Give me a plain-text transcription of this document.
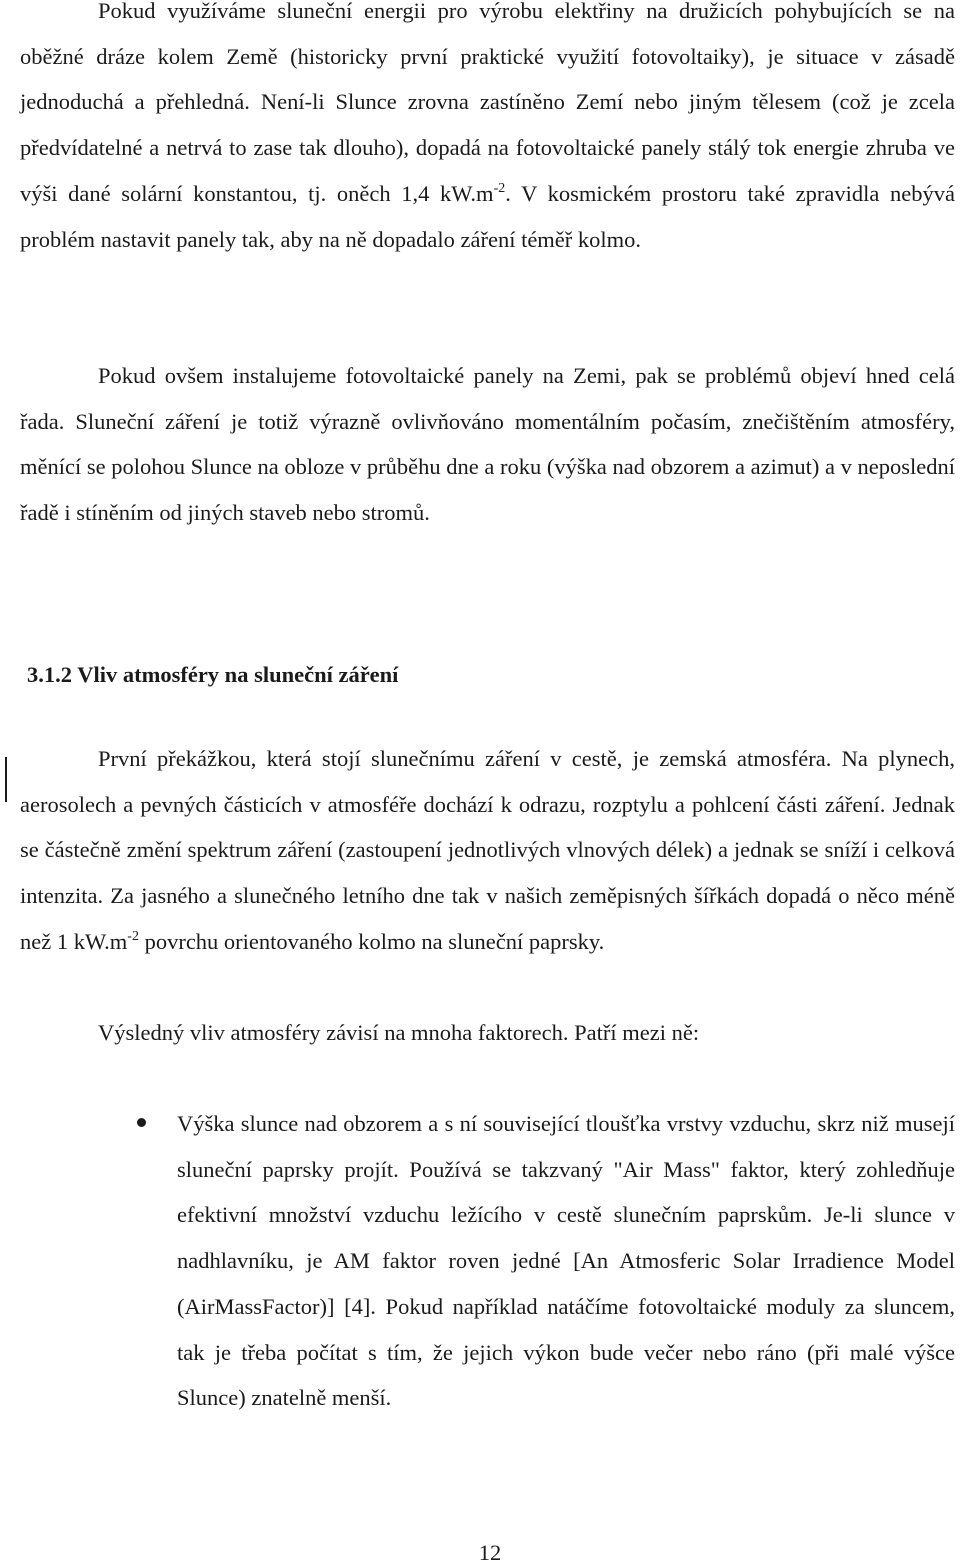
Pokud využíváme sluneční energii pro výrobu elektřiny na družicích pohybujících se na oběžné dráze kolem Země (historicky první praktické využití fotovoltaiky), je situace v zásadě jednoduchá a přehledná. Není-li Slunce zrovna zastíněno Zemí nebo jiným tělesem (což je zcela předvídatelné a netrvá to zase tak dlouho), dopadá na fotovoltaické panely stálý tok energie zhruba ve výši dané solární konstantou, tj. oněch 1,4 $kW.m^{-2}$. V kosmickém prostoru také zpravidla nebývá problém nastavit panely tak, aby na ně dopadalo záření téměř kolmo.

Pokud ovšem instalujeme fotovoltaické panely na Zemi, pak se problémů objeví hned celá řada. Sluneční záření je totiž výrazně ovlivňováno momentálním počasím, znečištěním atmosféry, měnící se polohou Slunce na obloze v průběhu dne a roku (výška nad obzorem a azimut) a v neposlední řadě i stíněním od jiných staveb nebo stromů.

3.1.2 Vliv atmosféry na sluneční záření

První překážkou, která stojí slunečnímu záření v cestě, je zemská atmosféra. Na plynech, aerosolech a pevných částicích v atmosféře dochází k odrazu, rozptylu a pohlcení části záření. Jednak se částečně změní spektrum záření (zastoupení jednotlivých vlnových délek) a jednak se sníží i celková intenzita. Za jasného a slunečného letního dne tak v našich zeměpisných šířkách dopadá o něco méně než 1 $kW.m^{-2}$ povrchu orientovaného kolmo na sluneční paprsky.

Výsledný vliv atmosféry závisí na mnoha faktorech. Patří mezi ně:

Výška slunce nad obzorem a s ní související tloušťka vrstvy vzduchu, skrz niž musejí sluneční paprsky projít. Používá se takzvaný "Air Mass" faktor, který zohledňuje efektivní množství vzduchu ležícího v cestě slunečním paprskům. Je-li slunce v nadhlavníku, je AM faktor roven jedné [An Atmosferic Solar Irradience Model (AirMassFactor)] [4]. Pokud například natáčíme fotovoltaické moduly za sluncem, tak je třeba počítat s tím, že jejich výkon bude večer nebo ráno (při malé výšce Slunce) znatelně menší.

12
